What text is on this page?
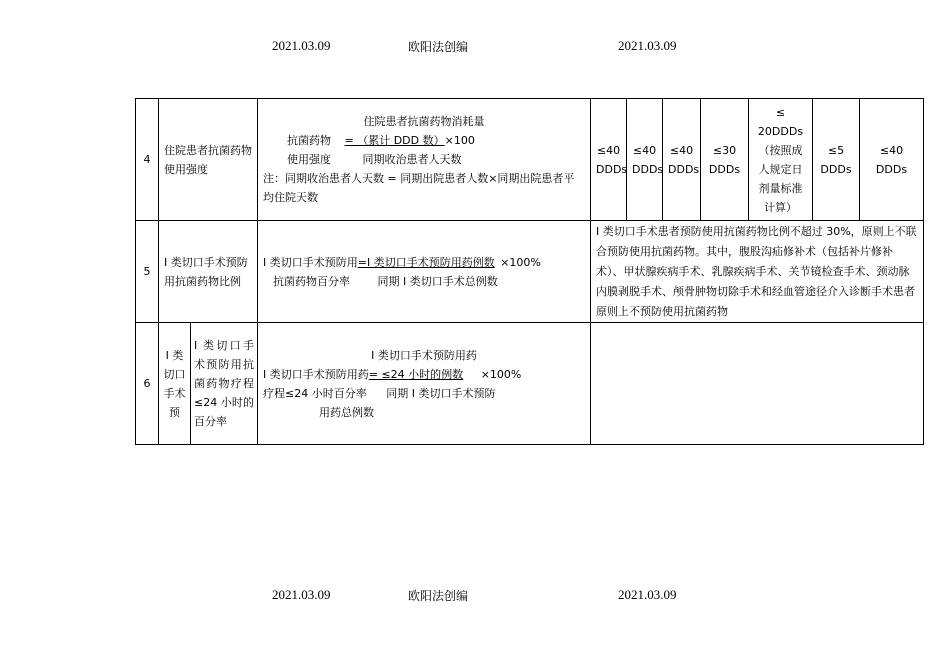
2021.03.09	欧阳法创编	2021.03.09
4	住院患者抗菌药物使用强度		住院患者抗菌药物消耗量
抗菌药物 = （累计 DDD 数）×100
使用强度 同期收治患者人天数
注：同期收治患者人天数 = 同期出院患者人数×同期出院患者平均住院天数	≤40 DDDs	≤40 DDDs	≤40 DDDs	≤30 DDDs	≤ 20DDDs （按照成人规定日剂量标准计算）	≤5 DDDs	≤40 DDDs
5	I 类切口手术预防用抗菌药物比例		I 类切口手术预防用=I 类切口手术预防用药例数 ×100%
抗菌药物百分率 同期 I 类切口手术总例数	I 类切口手术患者预防使用抗菌药物比例不超过 30%，原则上不联合预防使用抗菌药物。其中，腹股沟疝修补术（包括补片修补术）、甲状腺疾病手术、乳腺疾病手术、关节镜检查手术、颈动脉内膜剥脱手术、颅骨肿物切除手术和经血管途径介入诊断手术患者原则上不预防使用抗菌药物						
6	I 类切口手术预	I 类切口手术预防用抗菌药物疗程≤24 小时的百分率	I 类切口手术预防用药
I 类切口手术预防用药= ≤24 小时的例数 ×100%
疗程≤24 小时百分率 同期 I 类切口手术预防
用药总例数							

2021.03.09	欧阳法创编	2021.03.09
